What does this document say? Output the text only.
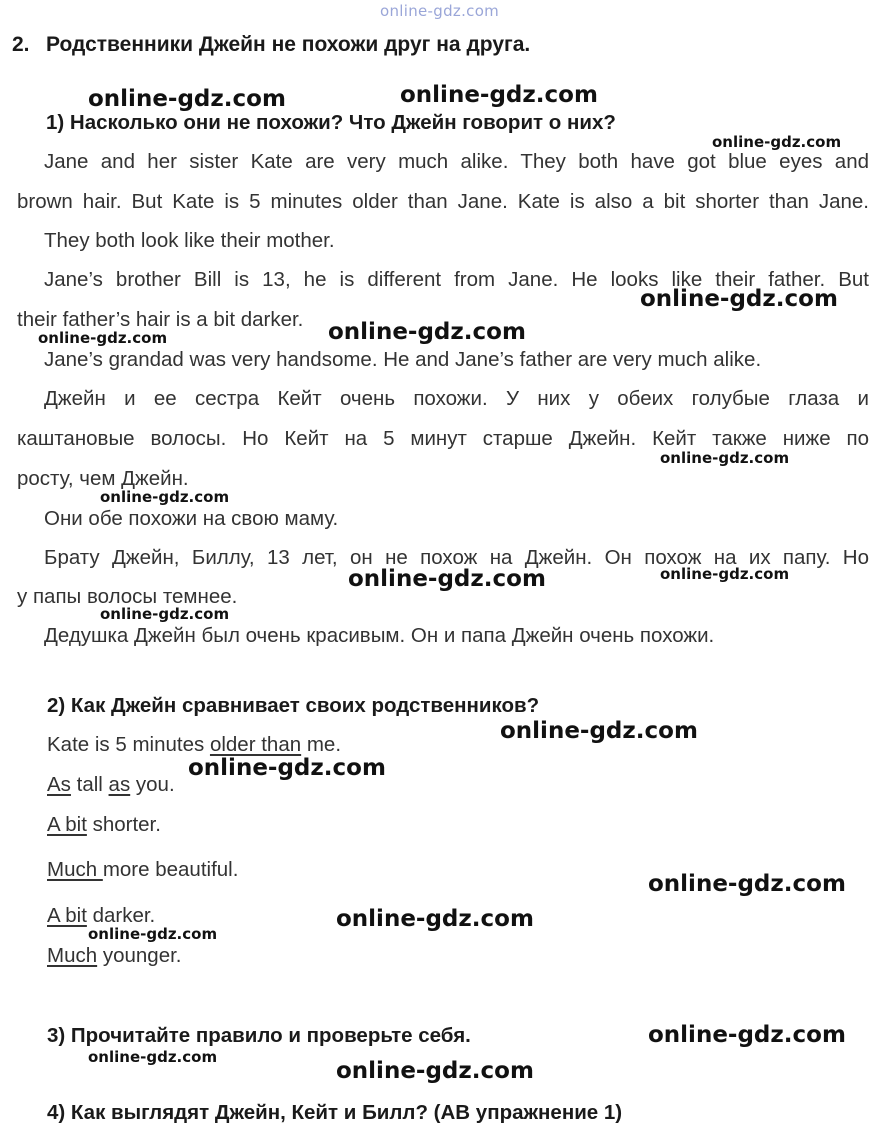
online-gdz.com
2. Родственники Джейн не похожи друг на друга.
1) Насколько они не похожи? Что Джейн говорит о них?
Jane and her sister Kate are very much alike. They both have got blue eyes and
brown hair. But Kate is 5 minutes older than Jane. Kate is also a bit shorter than Jane.
They both look like their mother.
Jane’s brother Bill is 13, he is different from Jane. He looks like their father. But
their father’s hair is a bit darker.
Jane’s grandad was very handsome. He and Jane’s father are very much alike.
Джейн и ее сестра Кейт очень похожи. У них у обеих голубые глаза и
каштановые волосы. Но Кейт на 5 минут старше Джейн. Кейт также ниже по
росту, чем Джейн.
Они обе похожи на свою маму.
Брату Джейн, Биллу, 13 лет, он не похож на Джейн. Он похож на их папу. Но
у папы волосы темнее.
Дедушка Джейн был очень красивым. Он и папа Джейн очень похожи.
2) Как Джейн сравнивает своих родственников?
Kate is 5 minutes older than me.
As tall as you.
A bit shorter.
Much more beautiful.
A bit darker.
Much younger.
3) Прочитайте правило и проверьте себя.
4) Как выглядят Джейн, Кейт и Билл? (АВ упражнение 1)
online-gdz.com	online-gdz.com
online-gdz.com
online-gdz.com
online-gdz.com
online-gdz.com
online-gdz.com
online-gdz.com
online-gdz.com
online-gdz.com
online-gdz.com
online-gdz.com
online-gdz.com
online-gdz.com
online-gdz.com
online-gdz.com
online-gdz.com
online-gdz.com
online-gdz.com
